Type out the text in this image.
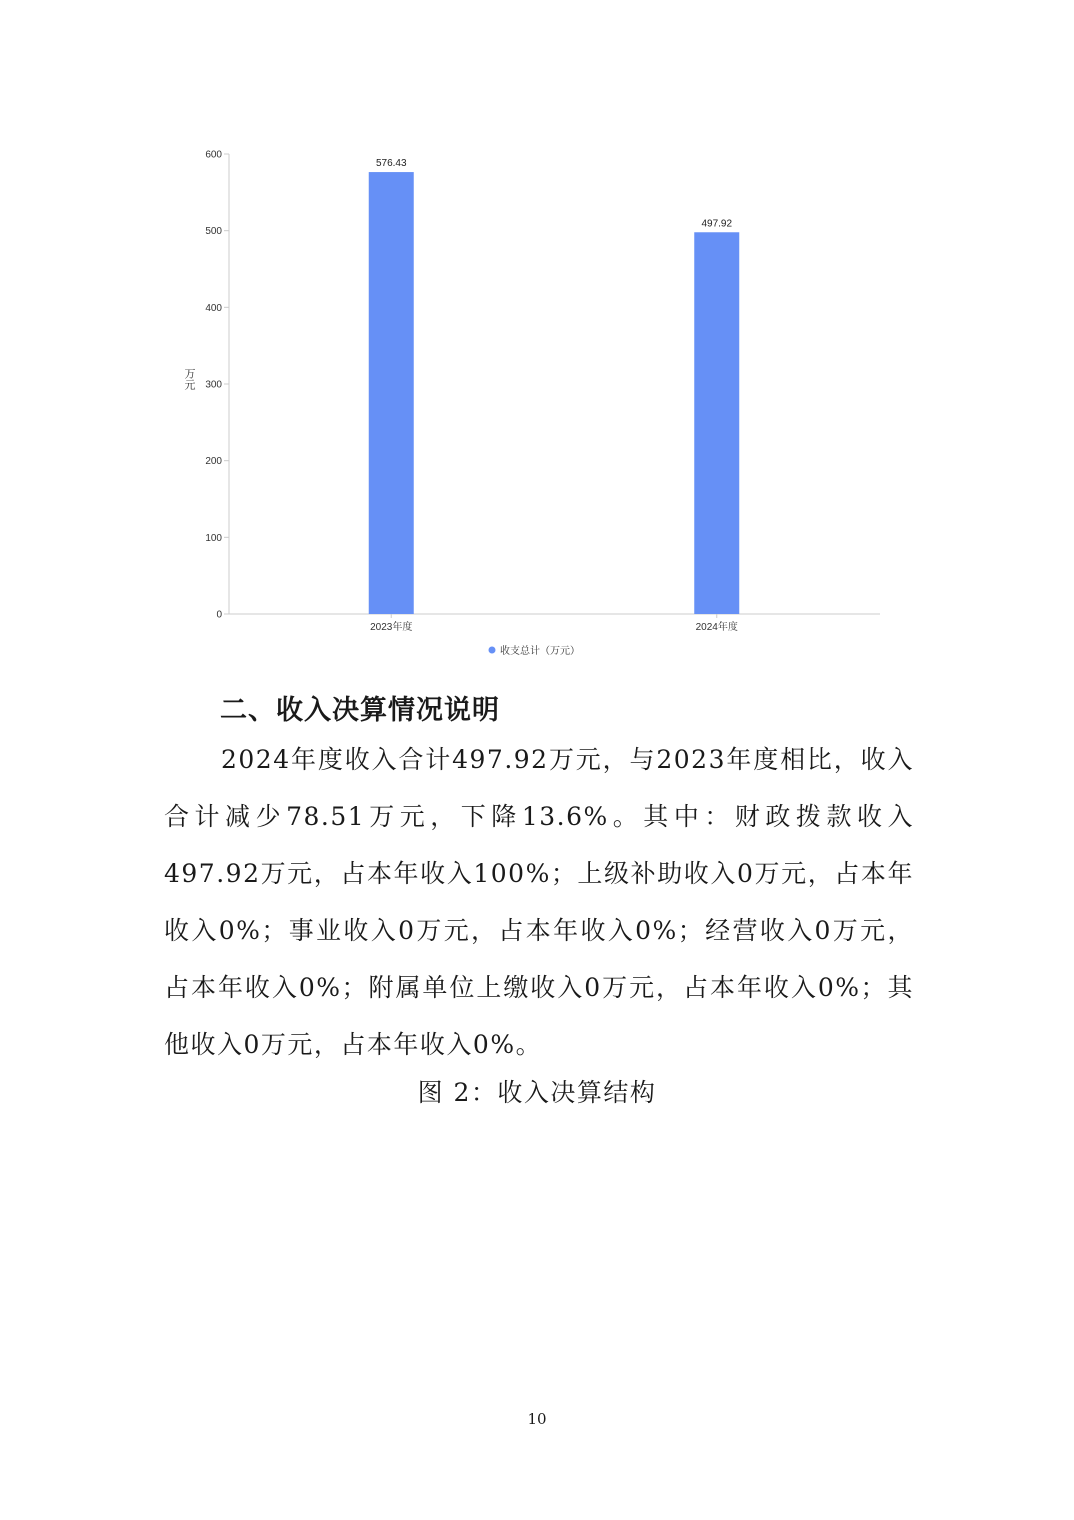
0
100
200
300
400
500
600
万元
576.43
2023年度
497.92
2024年度
收支总计（万元）
二、收入决算情况说明

2024年度收入合计497.92万元，与2023年度相比，收入合计减少78.51万元，下降13.6%。其中：财政拨款收入497.92万元，占本年收入100%；上级补助收入0万元，占本年收入0%；事业收入0万元，占本年收入0%；经营收入0万元，占本年收入0%；附属单位上缴收入0万元，占本年收入0%；其他收入0万元，占本年收入0%。

图 2：收入决算结构
10
